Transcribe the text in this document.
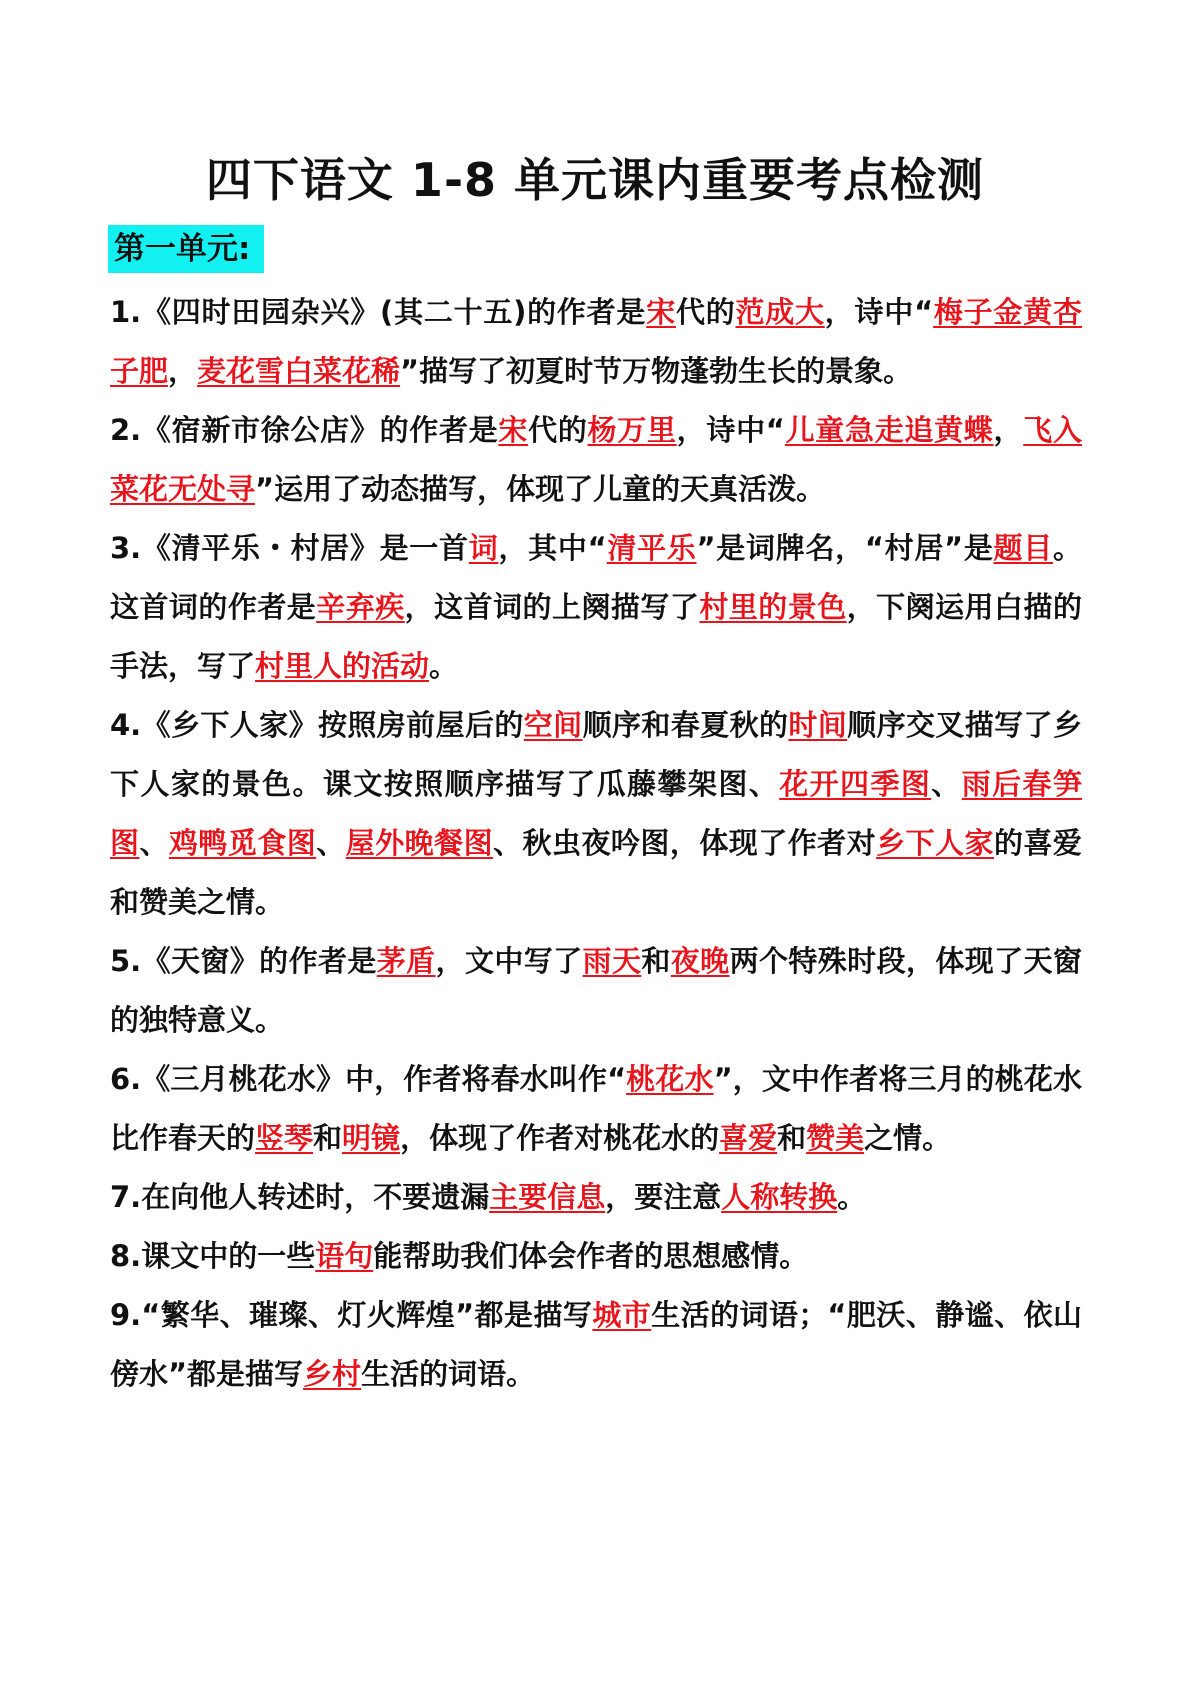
四下语文 1-8 单元课内重要考点检测
第一单元:

1.《四时田园杂兴》(其二十五)的作者是宋代的范成大，诗中“梅子金黄杏子肥，麦花雪白菜花稀”描写了初夏时节万物蓬勃生长的景象。

2.《宿新市徐公店》的作者是宋代的杨万里，诗中“儿童急走追黄蝶，飞入菜花无处寻”运用了动态描写，体现了儿童的天真活泼。

3.《清平乐・村居》是一首词，其中“清平乐”是词牌名，“村居”是题目。这首词的作者是辛弃疾，这首词的上阕描写了村里的景色，下阕运用白描的手法，写了村里人的活动。

4.《乡下人家》按照房前屋后的空间顺序和春夏秋的时间顺序交叉描写了乡下人家的景色。课文按照顺序描写了瓜藤攀架图、花开四季图、雨后春笋图、鸡鸭觅食图、屋外晚餐图、秋虫夜吟图，体现了作者对乡下人家的喜爱和赞美之情。

5.《天窗》的作者是茅盾，文中写了雨天和夜晚两个特殊时段，体现了天窗的独特意义。

6.《三月桃花水》中，作者将春水叫作“桃花水”，文中作者将三月的桃花水比作春天的竖琴和明镜，体现了作者对桃花水的喜爱和赞美之情。

7.在向他人转述时，不要遗漏主要信息，要注意人称转换。

8.课文中的一些语句能帮助我们体会作者的思想感情。

9.“繁华、璀璨、灯火辉煌”都是描写城市生活的词语；“肥沃、静谧、依山傍水”都是描写乡村生活的词语。
